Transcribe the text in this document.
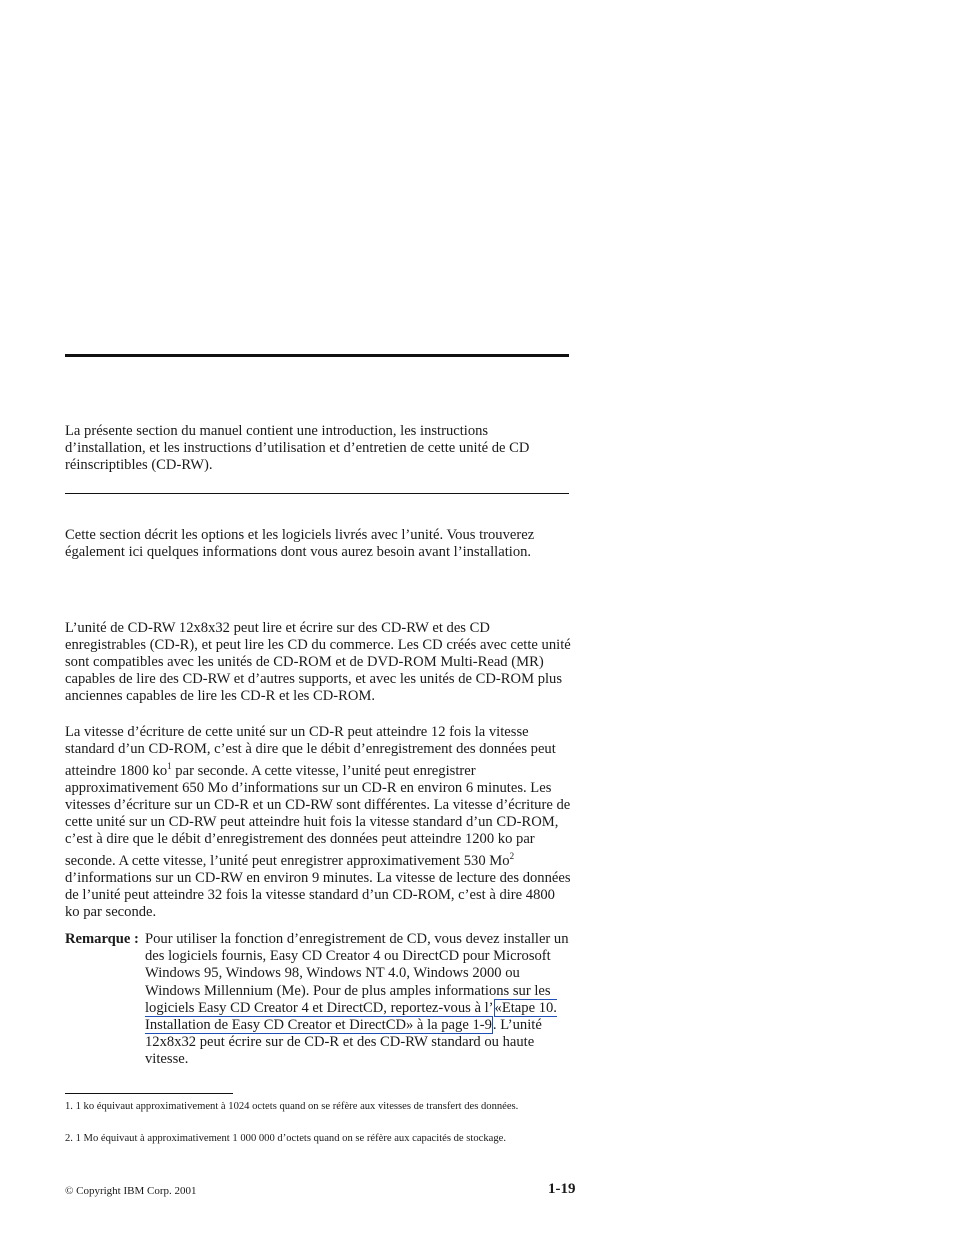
La présente section du manuel contient une introduction, les instructions d’installation, et les instructions d’utilisation et d’entretien de cette unité de CD réinscriptibles (CD-RW).

Cette section décrit les options et les logiciels livrés avec l’unité. Vous trouverez également ici quelques informations dont vous aurez besoin avant l’installation.

L’unité de CD-RW 12x8x32 peut lire et écrire sur des CD-RW et des CD enregistrables (CD-R), et peut lire les CD du commerce. Les CD créés avec cette unité sont compatibles avec les unités de CD-ROM et de DVD-ROM Multi-Read (MR) capables de lire des CD-RW et d’autres supports, et avec les unités de CD-ROM plus anciennes capables de lire les CD-R et les CD-ROM.

La vitesse d’écriture de cette unité sur un CD-R peut atteindre 12 fois la vitesse standard d’un CD-ROM, c’est à dire que le débit d’enregistrement des données peut atteindre 1800 $ko^1$ par seconde. A cette vitesse, l’unité peut enregistrer approximativement 650 Mo d’informations sur un CD-R en environ 6 minutes. Les vitesses d’écriture sur un CD-R et un CD-RW sont différentes. La vitesse d’écriture de cette unité sur un CD-RW peut atteindre huit fois la vitesse standard d’un CD-ROM, c’est à dire que le débit d’enregistrement des données peut atteindre 1200 ko par seconde. A cette vitesse, l’unité peut enregistrer approximativement 530 Mo$^2$ d’informations sur un CD-RW en environ 9 minutes. La vitesse de lecture des données de l’unité peut atteindre 32 fois la vitesse standard d’un CD-ROM, c’est à dire 4800 ko par seconde.

Remarque : Pour utiliser la fonction d’enregistrement de CD, vous devez installer un des logiciels fournis, Easy CD Creator 4 ou DirectCD pour Microsoft Windows 95, Windows 98, Windows NT 4.0, Windows 2000 ou Windows Millennium (Me). Pour de plus amples informations sur les logiciels Easy CD Creator 4 et DirectCD, reportez-vous à l’«Etape 10. Installation de Easy CD Creator et DirectCD» à la page 1-9. L’unité 12x8x32 peut écrire sur de CD-R et des CD-RW standard ou haute vitesse.

1. 1 ko équivaut approximativement à 1024 octets quand on se réfère aux vitesses de transfert des données.

2. 1 Mo équivaut à approximativement 1 000 000 d’octets quand on se réfère aux capacités de stockage.

© Copyright IBM Corp. 2001	1-19
